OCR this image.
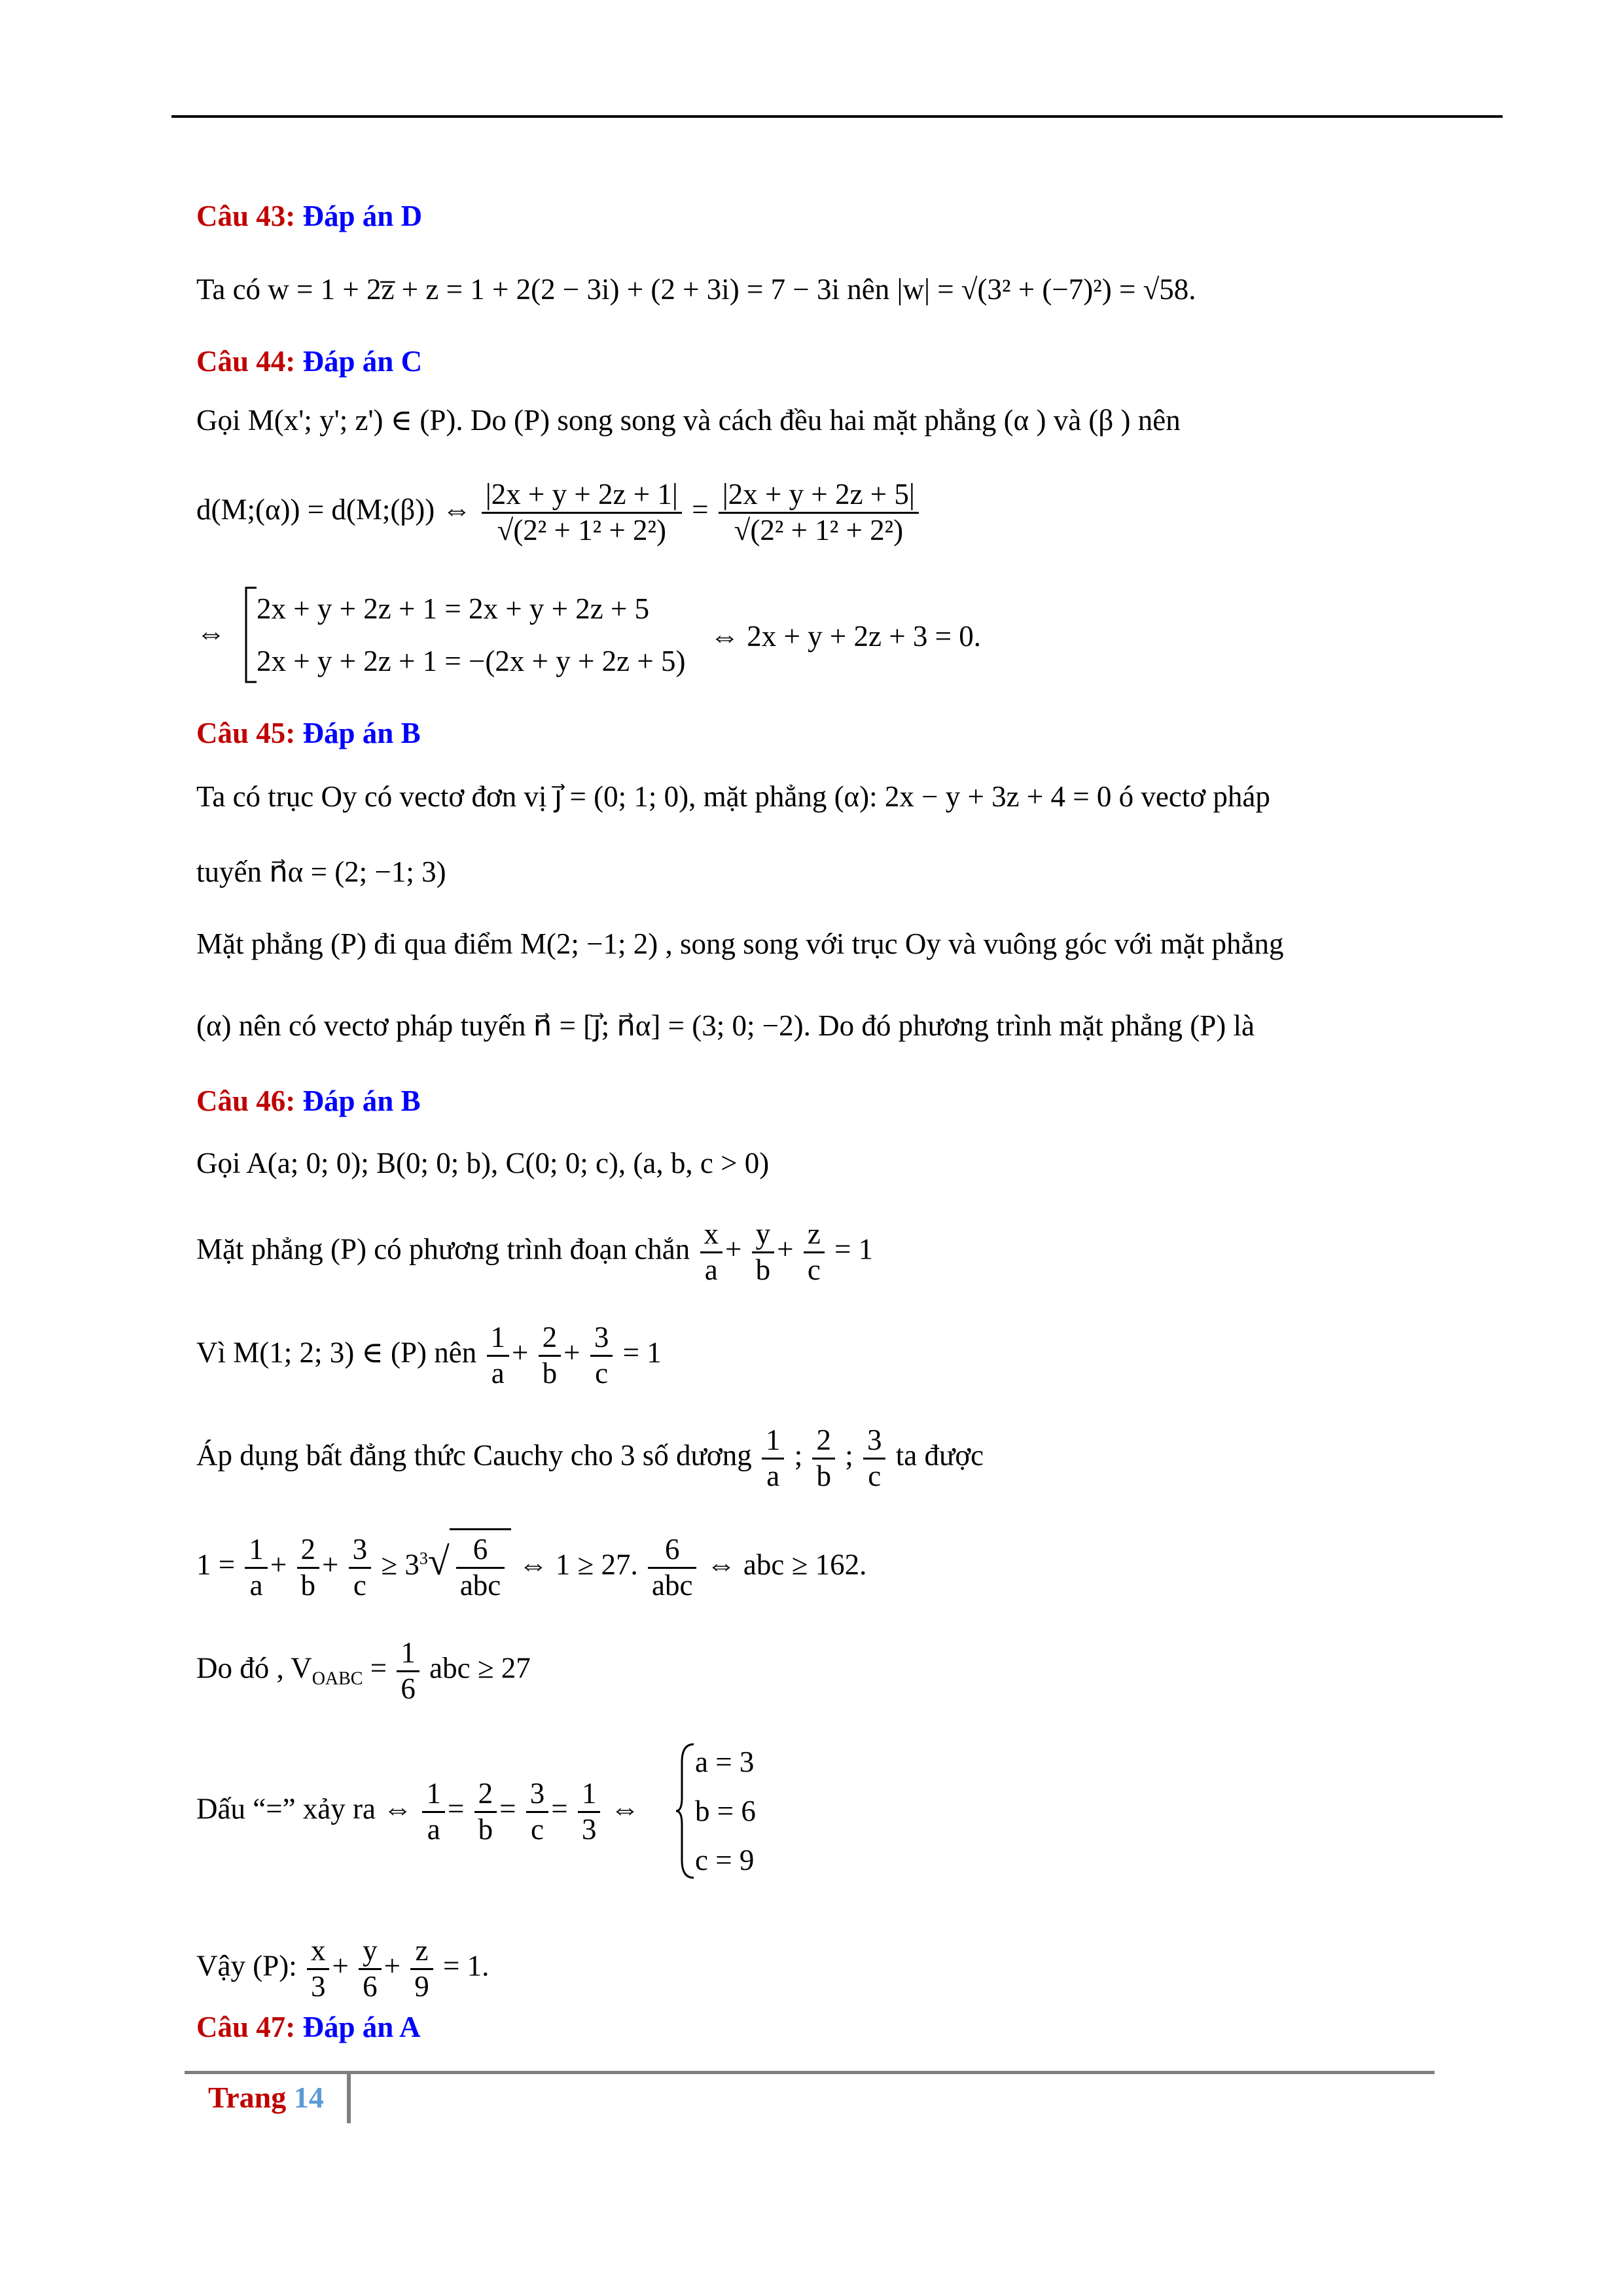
Câu 43: Đáp án D
Ta có w = 1 + 2z̅ + z = 1 + 2(2 − 3i) + (2 + 3i) = 7 − 3i nên |w| = √(3² + (−7)²) = √58.
Câu 44: Đáp án C
Gọi M(x'; y'; z') ∈ (P). Do (P) song song và cách đều hai mặt phẳng (α ) và (β ) nên
d(M;(α)) = d(M;(β)) ⇔ $\frac{|2x + y + 2z + 1|}{\text{√(2² + 1² + 2²)}} = \frac{|2x + y + 2z + 5|}{\text{√(2² + 1² + 2²)}}$
⇔
2x + y + 2z + 1 = 2x + y + 2z + 5
2x + y + 2z + 1 = −(2x + y + 2z + 5)
⇔ 2x + y + 2z + 3 = 0.
Câu 45: Đáp án B
Ta có trục Oy có vectơ đơn vị j⃗ = (0; 1; 0), mặt phẳng (α): 2x − y + 3z + 4 = 0 ó vectơ pháp
tuyến n⃗α = (2; −1; 3)
Mặt phẳng (P) đi qua điểm M(2; −1; 2) , song song với trục Oy và vuông góc với mặt phẳng
(α) nên có vectơ pháp tuyến n⃗ = [j⃗; n⃗α] = (3; 0; −2). Do đó phương trình mặt phẳng (P) là
Câu 46: Đáp án B
Gọi A(a; 0; 0); B(0; 0; b), C(0; 0; c), (a, b, c > 0)
Mặt phẳng (P) có phương trình đoạn chắn $\frac{x}{a} + \frac{y}{b} + \frac{z}{c} = 1$
Vì M(1; 2; 3) ∈ (P) nên $\frac{1}{a} + \frac{2}{b} + \frac{3}{c} = 1$
Áp dụng bất đẳng thức Cauchy cho 3 số dương $\frac{1}{a}$ ; $\frac{2}{b}$ ; $\frac{3}{c}$ ta được
$1 = \frac{1}{a} + \frac{2}{b} + \frac{3}{c} \ge 3^3√ \frac{6}{\text{abc}}$ ⇔ 1 ≥ 27. $\frac{6}{\text{abc}}$ ⇔ abc ≥ 162.
Do đó , $V_{OABC} = \frac{1}{6}$ abc ≥ 27
Dấu “=” xảy ra ⇔ $\frac{1}{a} = \frac{2}{b} = \frac{3}{c} = \frac{1}{3}$ ⇔
a = 3
b = 6
c = 9
Vậy (P): $\frac{x}{3} + \frac{y}{6} + \frac{z}{9} = 1$.
Câu 47: Đáp án A
Trang 14
